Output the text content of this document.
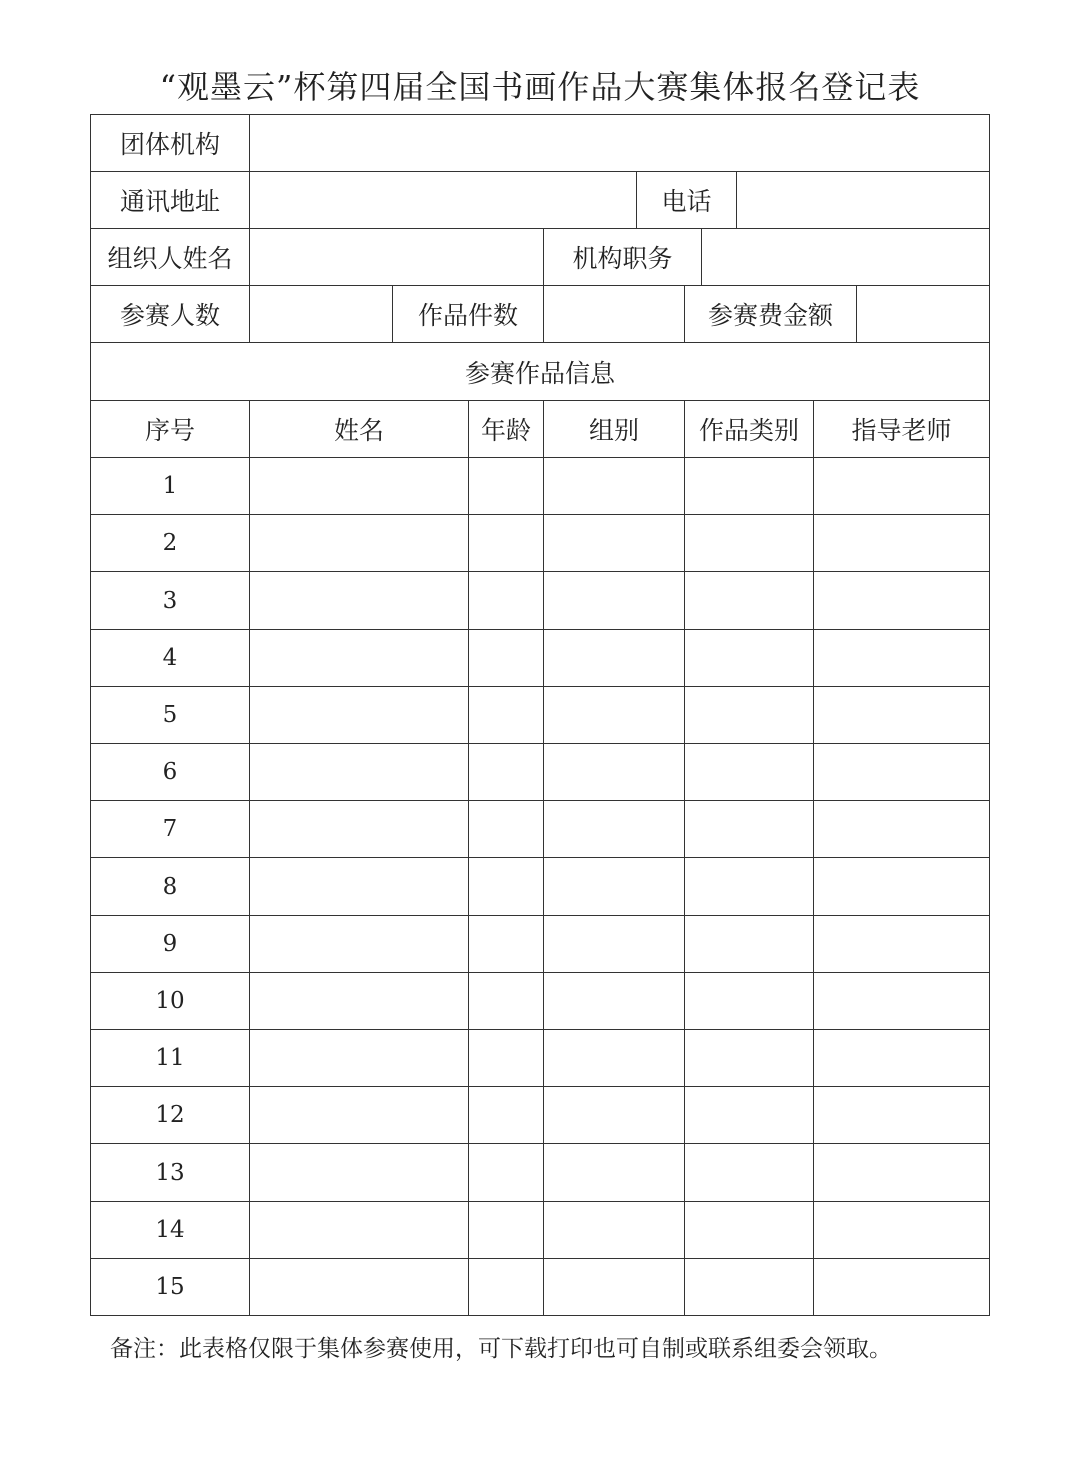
“观墨云”杯第四届全国书画作品大赛集体报名登记表
团体机构
通讯地址	电话
组织人姓名	机构职务
参赛人数	作品件数	参赛费金额
参赛作品信息
序号	姓名	年龄	组别	作品类别	指导老师
1
2
3
4
5
6
7
8
9
10
11
12
13
14
15
备注：此表格仅限于集体参赛使用，可下载打印也可自制或联系组委会领取。
